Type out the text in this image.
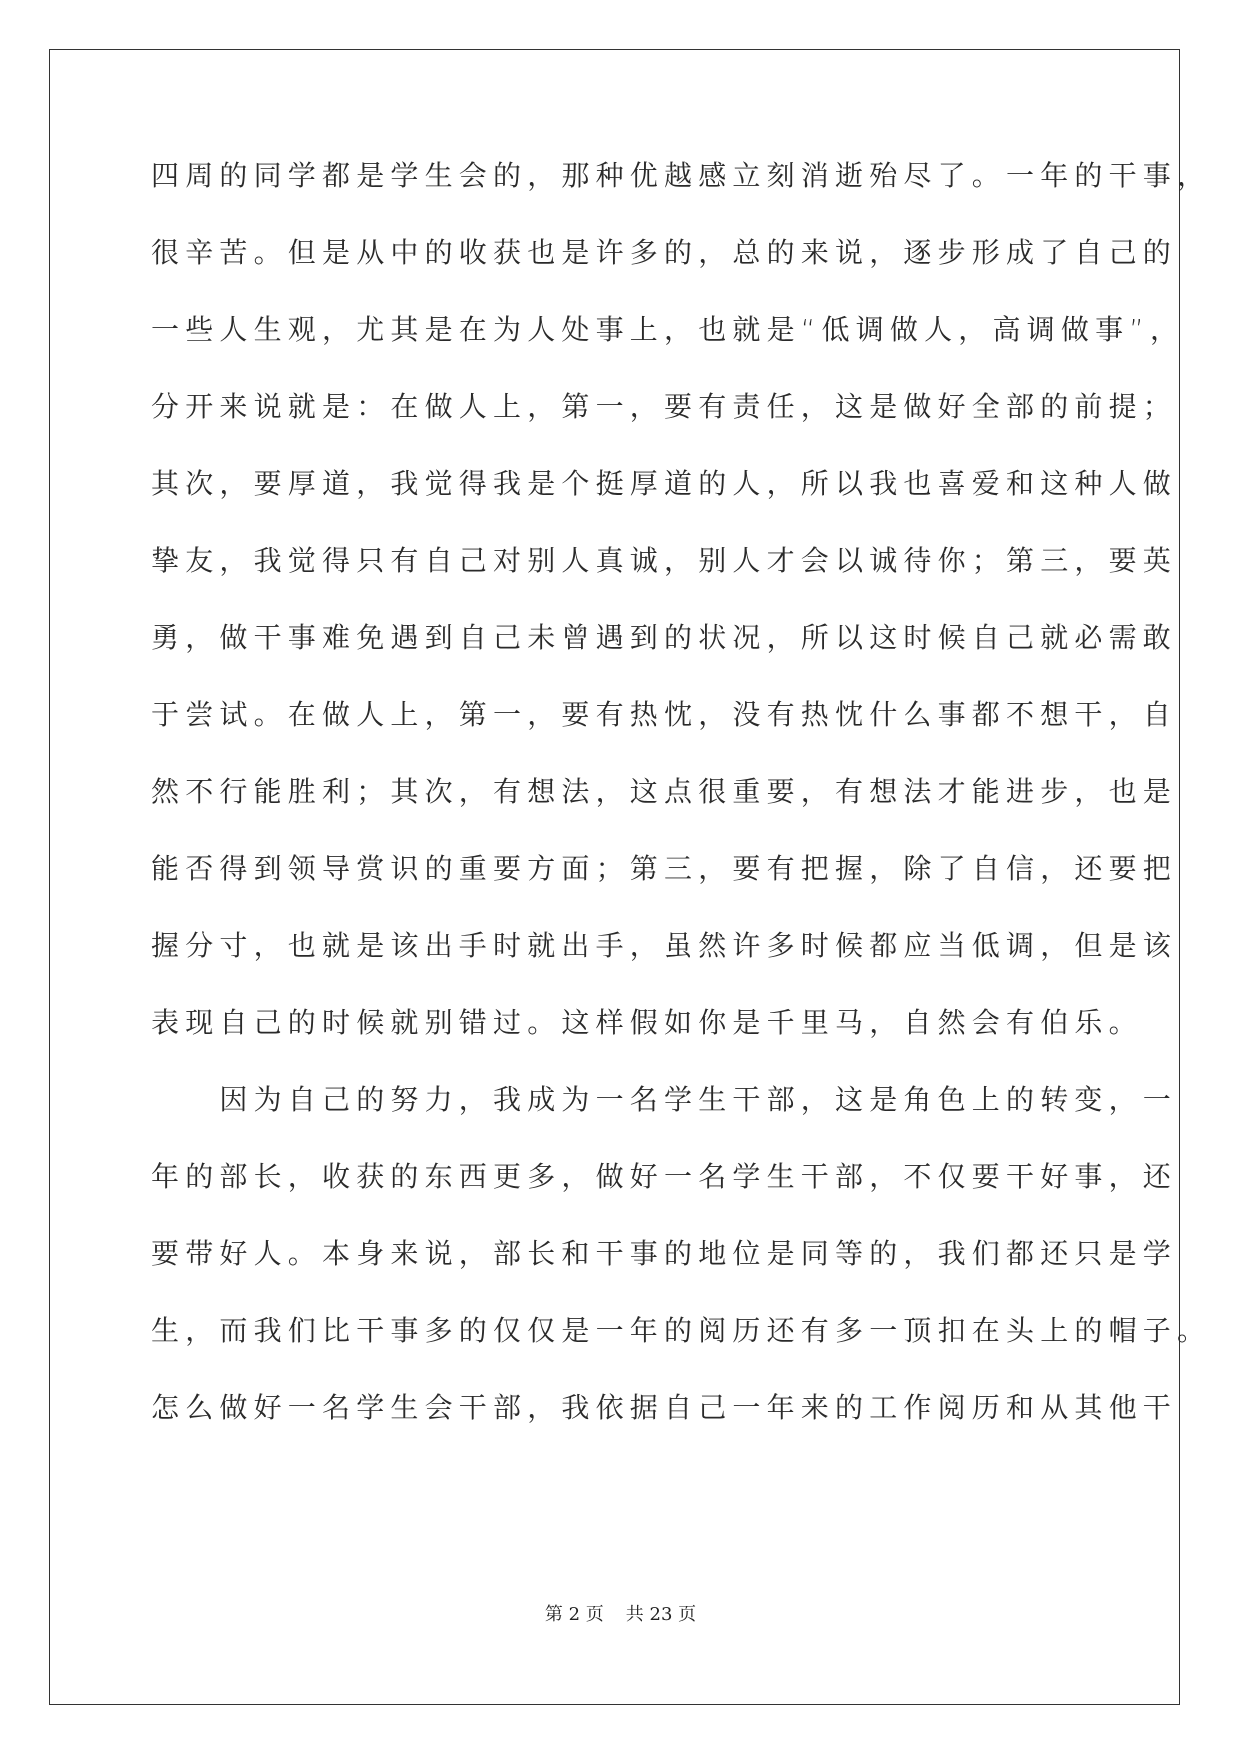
四周的同学都是学生会的，那种优越感立刻消逝殆尽了。一年的干事，
很辛苦。但是从中的收获也是许多的，总的来说，逐步形成了自己的
一些人生观，尤其是在为人处事上，也就是“低调做人，高调做事”，
分开来说就是：在做人上，第一，要有责任，这是做好全部的前提；
其次，要厚道，我觉得我是个挺厚道的人，所以我也喜爱和这种人做
挚友，我觉得只有自己对别人真诚，别人才会以诚待你；第三，要英
勇，做干事难免遇到自己未曾遇到的状况，所以这时候自己就必需敢
于尝试。在做人上，第一，要有热忱，没有热忱什么事都不想干，自
然不行能胜利；其次，有想法，这点很重要，有想法才能进步，也是
能否得到领导赏识的重要方面；第三，要有把握，除了自信，还要把
握分寸，也就是该出手时就出手，虽然许多时候都应当低调，但是该
表现自己的时候就别错过。这样假如你是千里马，自然会有伯乐。
　　因为自己的努力，我成为一名学生干部，这是角色上的转变，一
年的部长，收获的东西更多，做好一名学生干部，不仅要干好事，还
要带好人。本身来说，部长和干事的地位是同等的，我们都还只是学
生，而我们比干事多的仅仅是一年的阅历还有多一顶扣在头上的帽子。
怎么做好一名学生会干部，我依据自己一年来的工作阅历和从其他干
第 2 页 共 23 页
